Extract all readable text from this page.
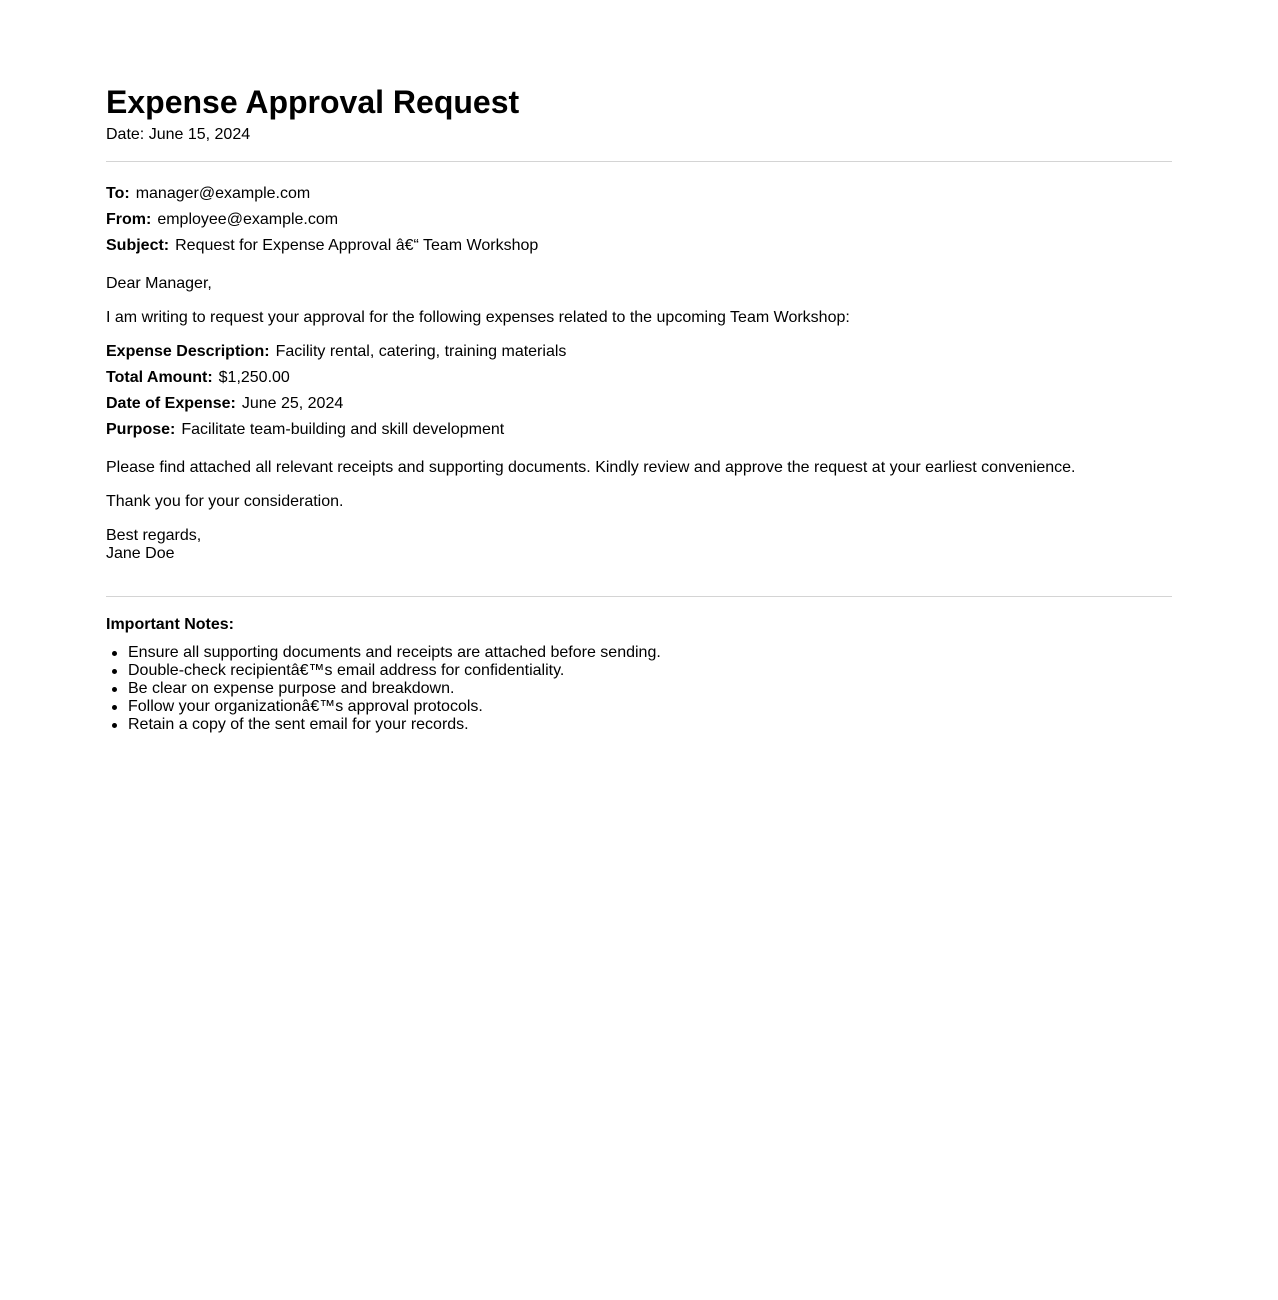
Expense Approval Request
Date: June 15, 2024
To: manager@example.com
From: employee@example.com
Subject: Request for Expense Approval â€“ Team Workshop
Dear Manager,
I am writing to request your approval for the following expenses related to the upcoming Team Workshop:
Expense Description: Facility rental, catering, training materials
Total Amount: $1,250.00
Date of Expense: June 25, 2024
Purpose: Facilitate team-building and skill development
Please find attached all relevant receipts and supporting documents. Kindly review and approve the request at your earliest convenience.
Thank you for your consideration.
Best regards,
Jane Doe
Important Notes:
Ensure all supporting documents and receipts are attached before sending.
Double-check recipientâ€™s email address for confidentiality.
Be clear on expense purpose and breakdown.
Follow your organizationâ€™s approval protocols.
Retain a copy of the sent email for your records.
